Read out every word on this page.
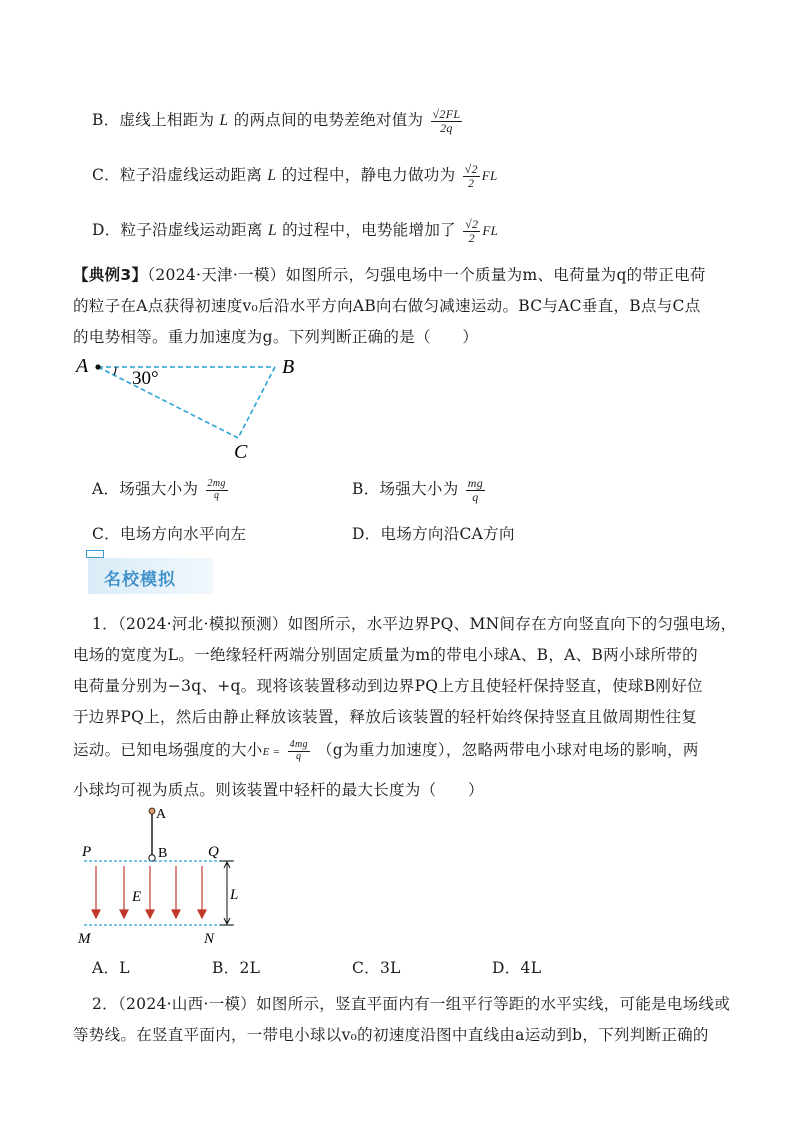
B．虚线上相距为 L 的两点间的电势差绝对值为 $\frac{√2FL}{2q}$
C．粒子沿虚线运动距离 L 的过程中，静电力做功为 $\frac{√2}{2}$ FL
D．粒子沿虚线运动距离 L 的过程中，电势能增加了 $\frac{√2}{2}$ FL
【典例3】（2024·天津·一模）如图所示，匀强电场中一个质量为m、电荷量为q的带正电荷
的粒子在A点获得初速度v₀后沿水平方向AB向右做匀减速运动。BC与AC垂直，B点与C点
的电势相等。重力加速度为g。下列判断正确的是（　　）
A	B
C
30°
A．场强大小为 $\frac{2mg}{q}$	B．场强大小为 $\frac{mg}{q}$
C．电场方向水平向左	D．电场方向沿CA方向
名校模拟
1．（2024·河北·模拟预测）如图所示，水平边界PQ、MN间存在方向竖直向下的匀强电场，
电场的宽度为L。一绝缘轻杆两端分别固定质量为m的带电小球A、B，A、B两小球所带的
电荷量分别为−3q、+q。现将该装置移动到边界PQ上方且使轻杆保持竖直，使球B刚好位
于边界PQ上，然后由静止释放该装置，释放后该装置的轻杆始终保持竖直且做周期性往复
运动。已知电场强度的大小$E = \frac{4mg}{q} (g$为重力加速度），忽略两带电小球对电场的影响，两
小球均可视为质点。则该装置中轻杆的最大长度为（　　）
A
B
P	Q
M	N
E	L
A．L	B．2L	C．3L	D．4L
2．（2024·山西·一模）如图所示，竖直平面内有一组平行等距的水平实线，可能是电场线或
等势线。在竖直平面内，一带电小球以v₀的初速度沿图中直线由a运动到b，下列判断正确的
